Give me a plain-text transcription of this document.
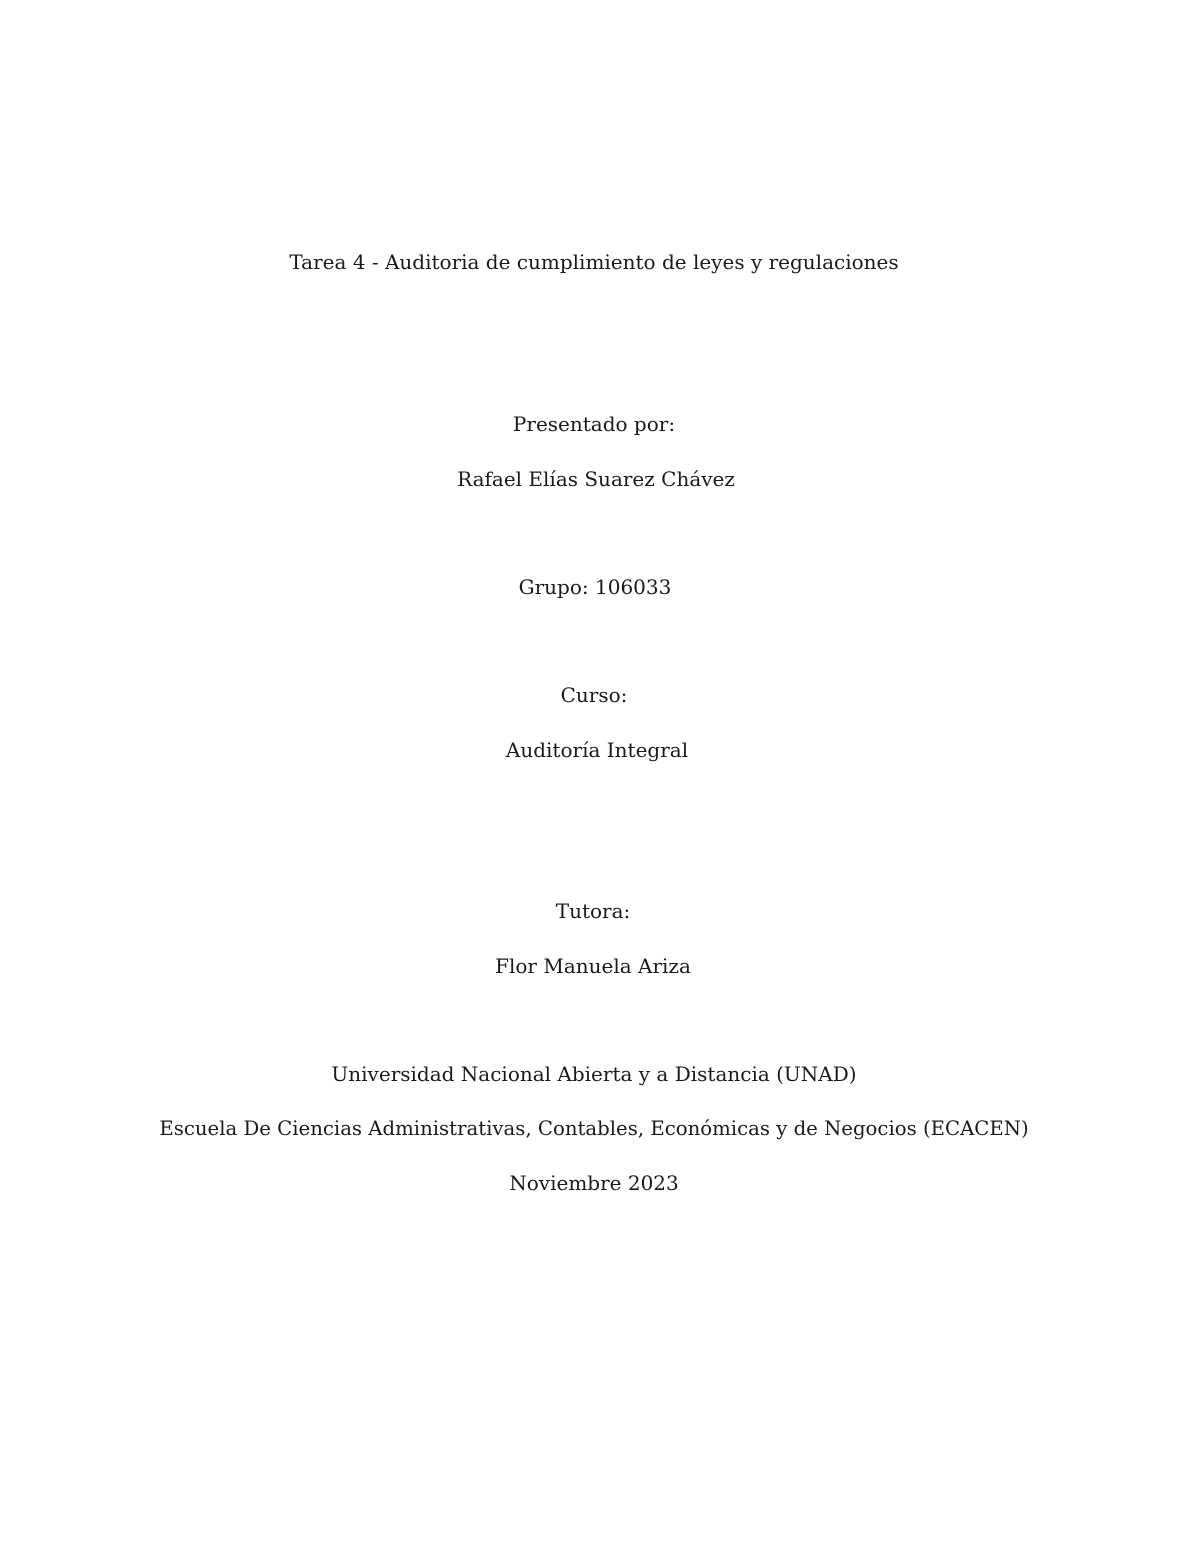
Tarea 4 - Auditoria de cumplimiento de leyes y regulaciones
Presentado por:
Rafael Elías Suarez Chávez
Grupo: 106033
Curso:
Auditoría Integral
Tutora:
Flor Manuela Ariza
Universidad Nacional Abierta y a Distancia (UNAD)
Escuela De Ciencias Administrativas, Contables, Económicas y de Negocios (ECACEN)
Noviembre 2023
